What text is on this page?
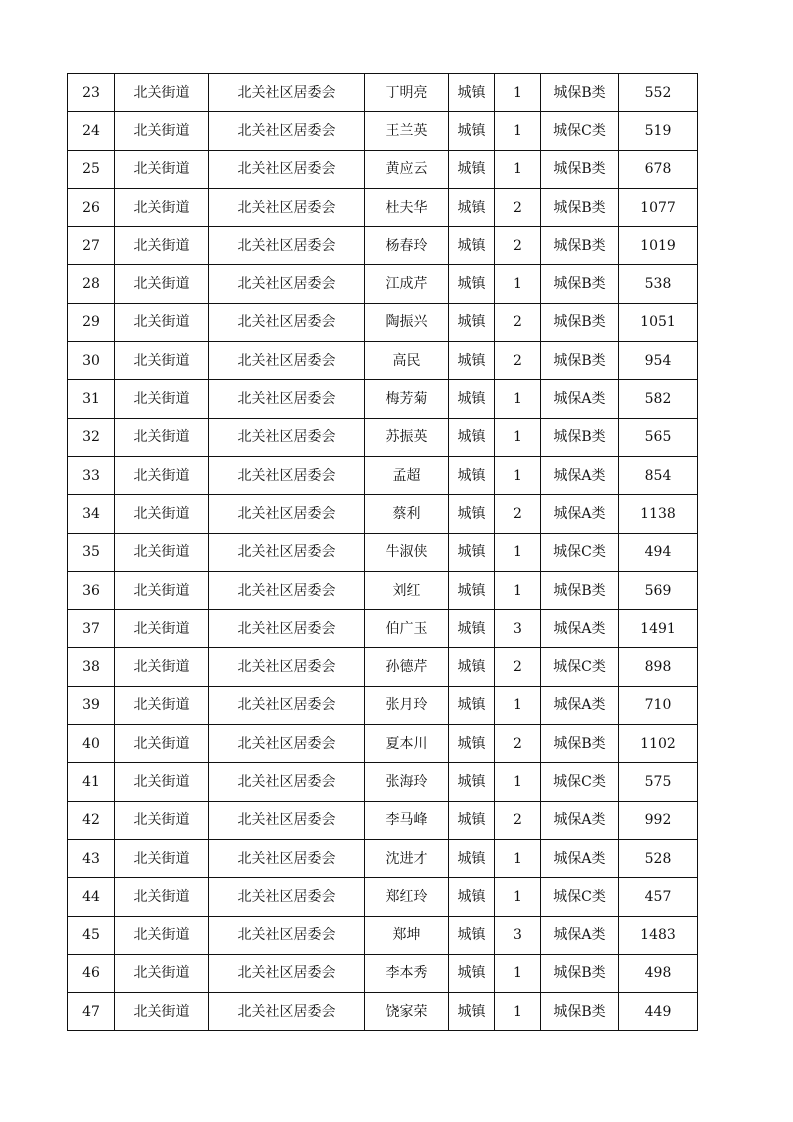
23	北关街道	北关社区居委会	丁明亮	城镇	1	城保B类	552
24	北关街道	北关社区居委会	王兰英	城镇	1	城保C类	519
25	北关街道	北关社区居委会	黄应云	城镇	1	城保B类	678
26	北关街道	北关社区居委会	杜夫华	城镇	2	城保B类	1077
27	北关街道	北关社区居委会	杨春玲	城镇	2	城保B类	1019
28	北关街道	北关社区居委会	江成芹	城镇	1	城保B类	538
29	北关街道	北关社区居委会	陶振兴	城镇	2	城保B类	1051
30	北关街道	北关社区居委会	高民	城镇	2	城保B类	954
31	北关街道	北关社区居委会	梅芳菊	城镇	1	城保A类	582
32	北关街道	北关社区居委会	苏振英	城镇	1	城保B类	565
33	北关街道	北关社区居委会	孟超	城镇	1	城保A类	854
34	北关街道	北关社区居委会	蔡利	城镇	2	城保A类	1138
35	北关街道	北关社区居委会	牛淑侠	城镇	1	城保C类	494
36	北关街道	北关社区居委会	刘红	城镇	1	城保B类	569
37	北关街道	北关社区居委会	伯广玉	城镇	3	城保A类	1491
38	北关街道	北关社区居委会	孙德芹	城镇	2	城保C类	898
39	北关街道	北关社区居委会	张月玲	城镇	1	城保A类	710
40	北关街道	北关社区居委会	夏本川	城镇	2	城保B类	1102
41	北关街道	北关社区居委会	张海玲	城镇	1	城保C类	575
42	北关街道	北关社区居委会	李马峰	城镇	2	城保A类	992
43	北关街道	北关社区居委会	沈进才	城镇	1	城保A类	528
44	北关街道	北关社区居委会	郑红玲	城镇	1	城保C类	457
45	北关街道	北关社区居委会	郑坤	城镇	3	城保A类	1483
46	北关街道	北关社区居委会	李本秀	城镇	1	城保B类	498
47	北关街道	北关社区居委会	饶家荣	城镇	1	城保B类	449
